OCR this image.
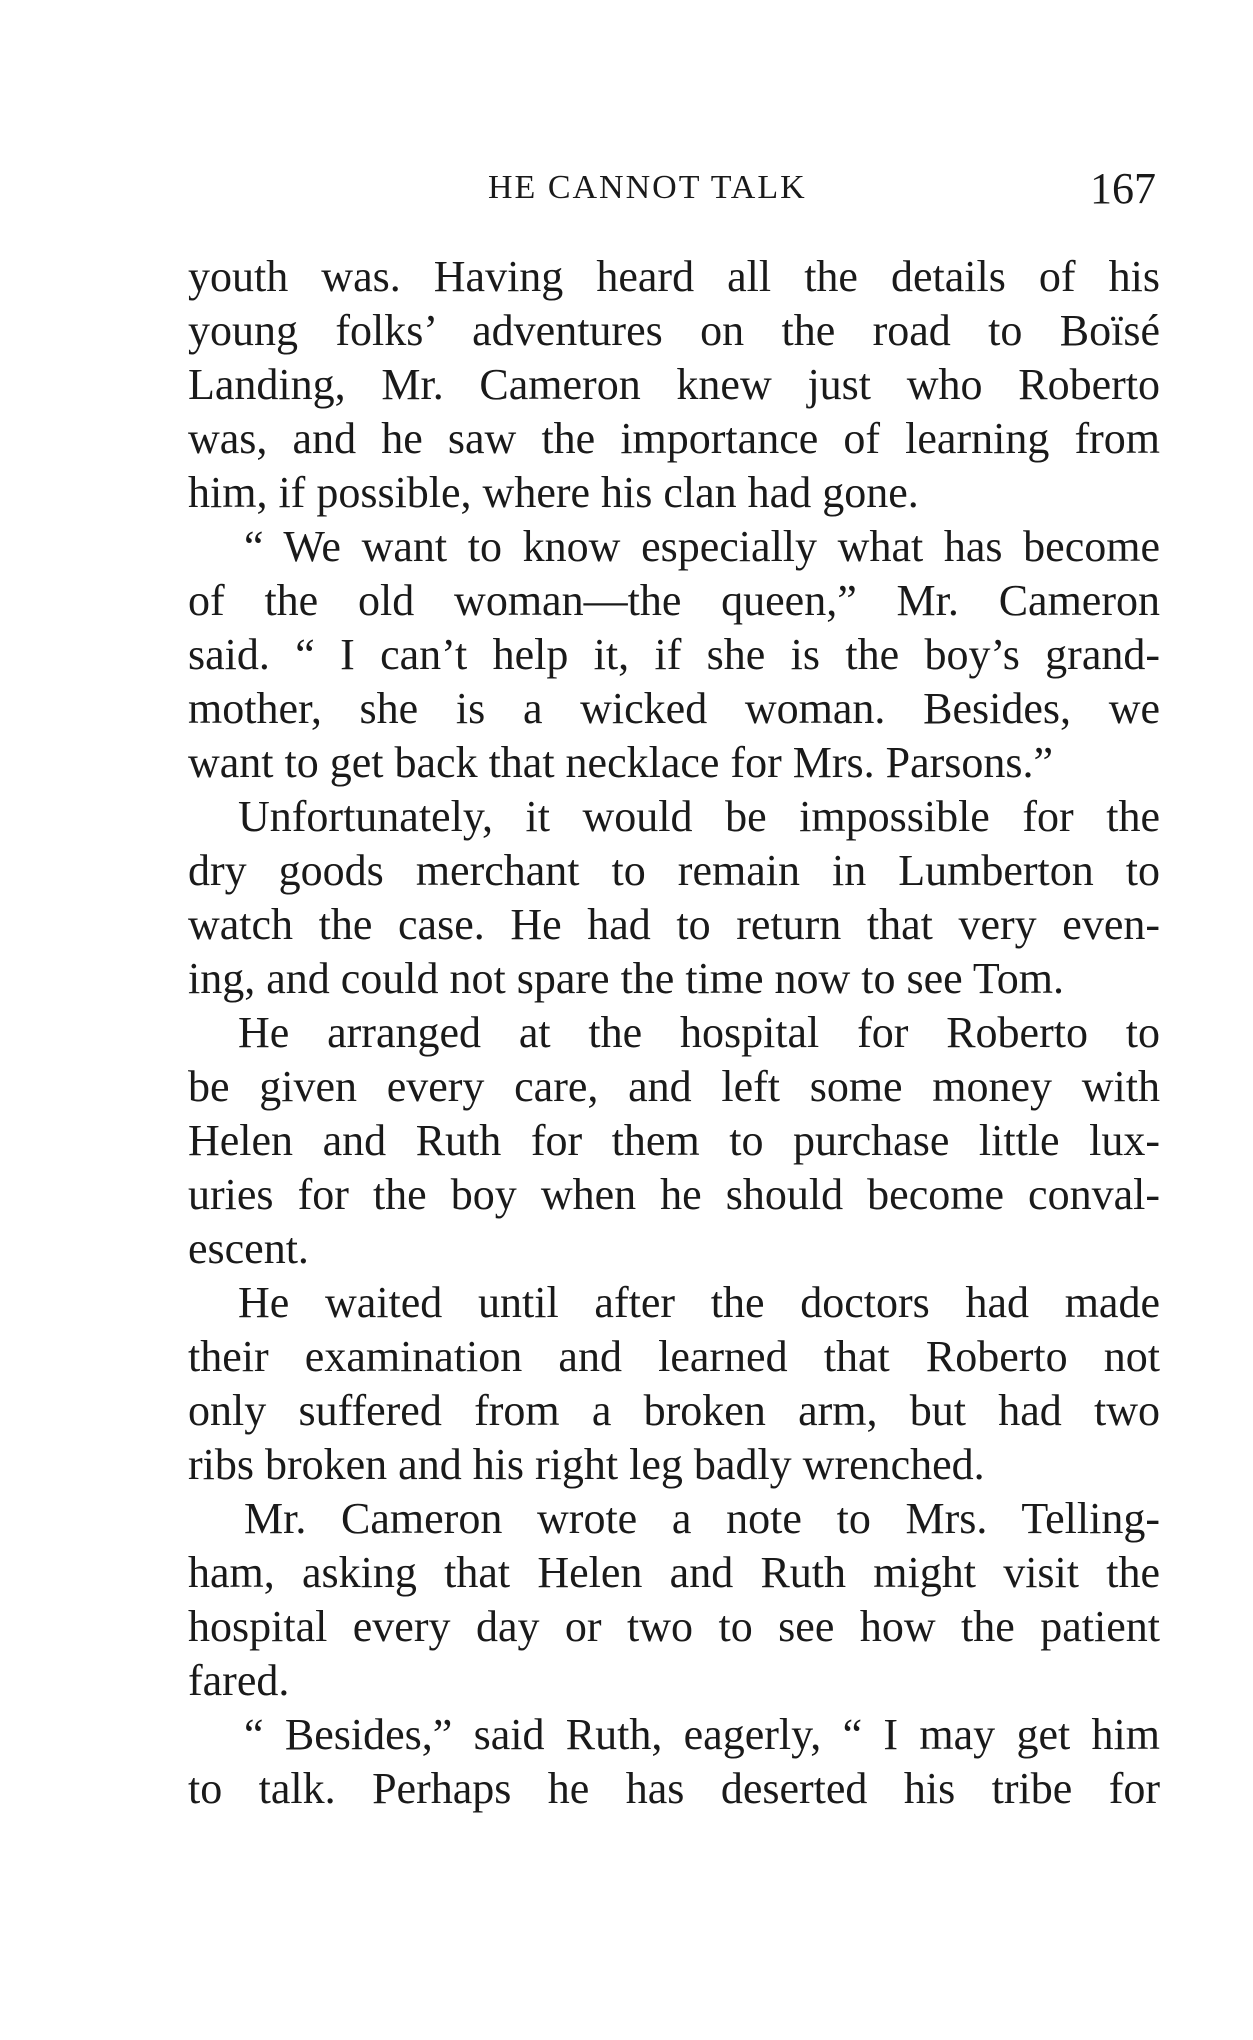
HE CANNOT TALK	167
youth was. Having heard all the details of his
young folks’ adventures on the road to Boïsé
Landing, Mr. Cameron knew just who Roberto
was, and he saw the importance of learning from
him, if possible, where his clan had gone.
“ We want to know especially what has become
of the old woman—the queen,” Mr. Cameron
said. “ I can’t help it, if she is the boy’s grand-
mother, she is a wicked woman. Besides, we
want to get back that necklace for Mrs. Parsons.”
Unfortunately, it would be impossible for the
dry goods merchant to remain in Lumberton to
watch the case. He had to return that very even-
ing, and could not spare the time now to see Tom.
He arranged at the hospital for Roberto to
be given every care, and left some money with
Helen and Ruth for them to purchase little lux-
uries for the boy when he should become conval-
escent.
He waited until after the doctors had made
their examination and learned that Roberto not
only suffered from a broken arm, but had two
ribs broken and his right leg badly wrenched.
Mr. Cameron wrote a note to Mrs. Telling-
ham, asking that Helen and Ruth might visit the
hospital every day or two to see how the patient
fared.
“ Besides,” said Ruth, eagerly, “ I may get him
to talk. Perhaps he has deserted his tribe for
